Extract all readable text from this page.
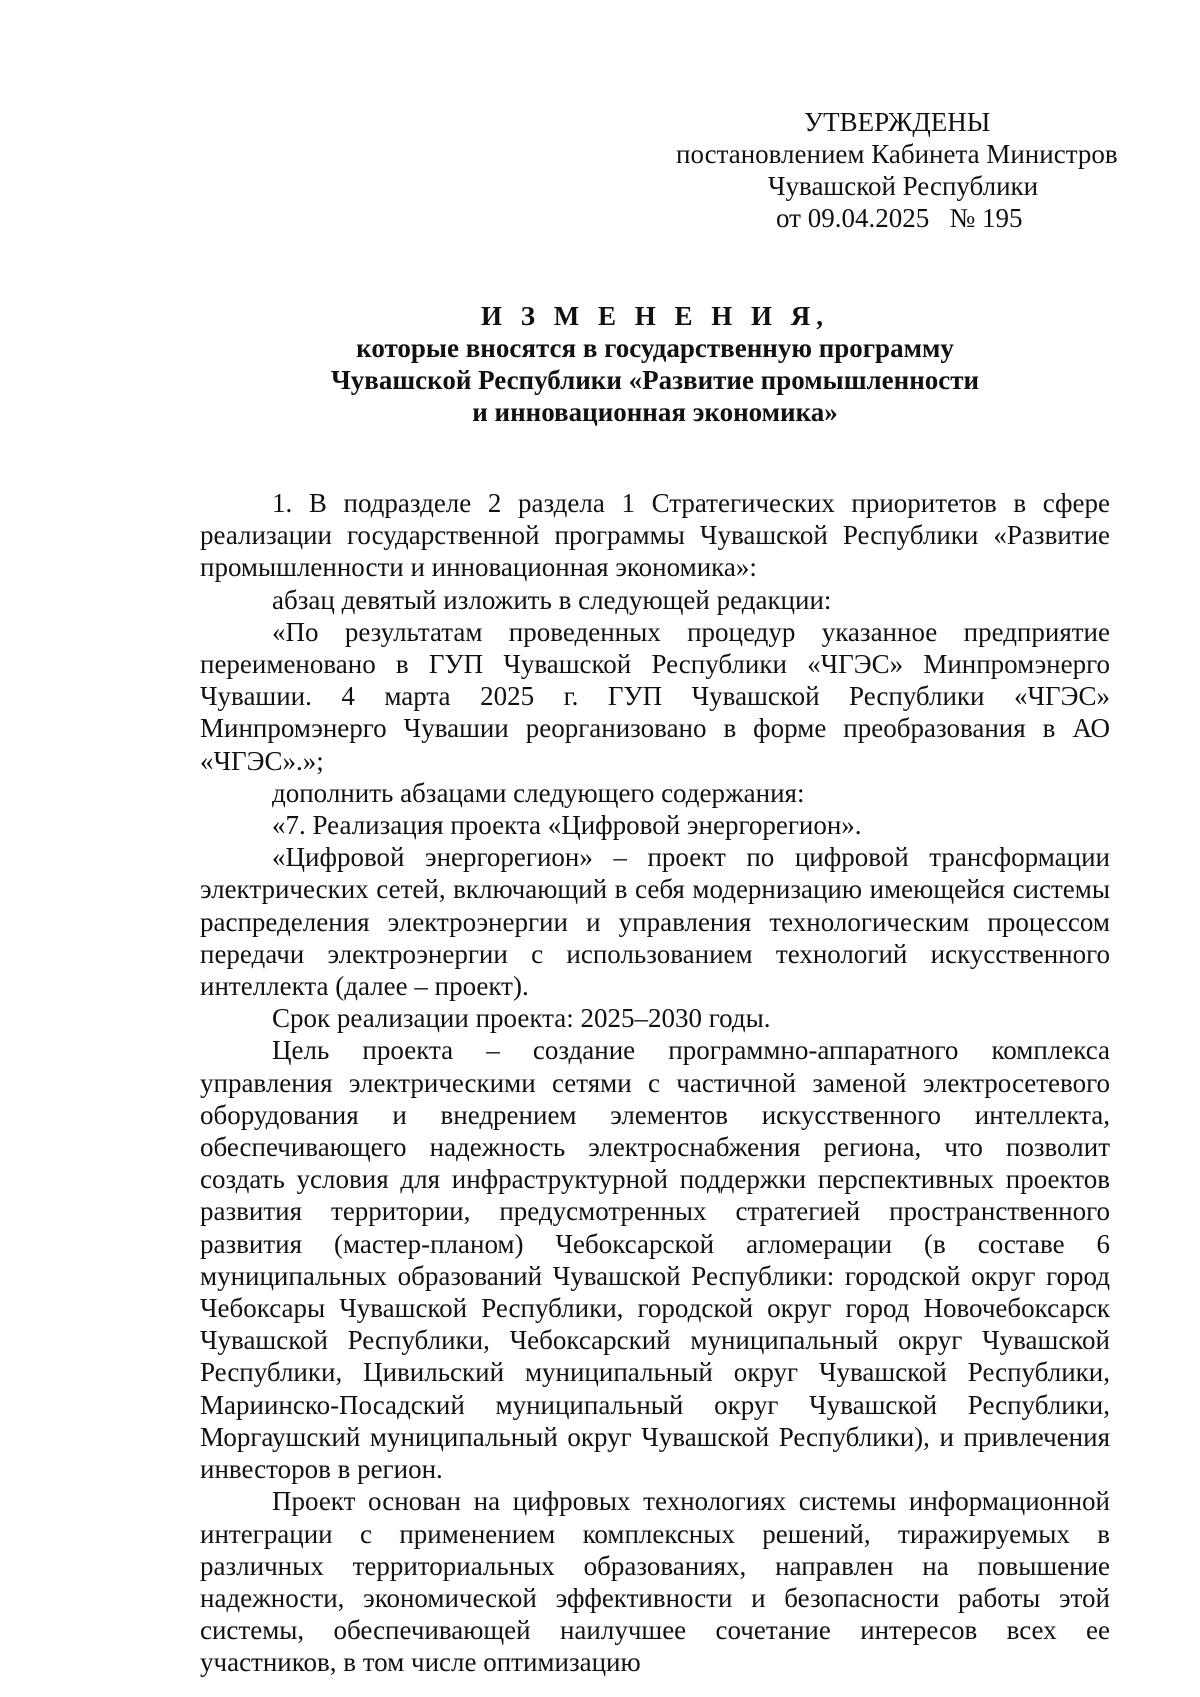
УТВЕРЖДЕНЫ
постановлением Кабинета Министров
Чувашской Республики
от 09.04.2025   № 195
И З М Е Н Е Н И Я,
которые вносятся в государственную программу
Чувашской Республики «Развитие промышленности
и инновационная экономика»

1. В подразделе 2 раздела 1 Стратегических приоритетов в сфере реализации государственной программы Чувашской Республики «Развитие промышленности и инновационная экономика»:

абзац девятый изложить в следующей редакции:

«По результатам проведенных процедур указанное предприятие переименовано в ГУП Чувашской Республики «ЧГЭС» Минпромэнерго Чувашии. 4 марта 2025 г. ГУП Чувашской Республики «ЧГЭС» Минпромэнерго Чувашии реорганизовано в форме преобразования в АО «ЧГЭС».»;

дополнить абзацами следующего содержания:

«7. Реализация проекта «Цифровой энергорегион».

«Цифровой энергорегион» – проект по цифровой трансформации электрических сетей, включающий в себя модернизацию имеющейся системы распределения электроэнергии и управления технологическим процессом передачи электроэнергии с использованием технологий искусственного интеллекта (далее – проект).

Срок реализации проекта: 2025–2030 годы.

Цель проекта – создание программно-аппаратного комплекса управления электрическими сетями с частичной заменой электросетевого оборудования и внедрением элементов искусственного интеллекта, обеспечивающего надежность электроснабжения региона, что позволит создать условия для инфраструктурной поддержки перспективных проектов развития территории, предусмотренных стратегией пространственного развития (мастер-планом) Чебоксарской агломерации (в составе 6 муниципальных образований Чувашской Республики: городской округ город Чебоксары Чувашской Республики, городской округ город Новочебоксарск Чувашской Республики, Чебоксарский муниципальный округ Чувашской Республики, Цивильский муниципальный округ Чувашской Республики, Мариинско-Посадский муниципальный округ Чувашской Республики, Моргаушский муниципальный округ Чувашской Республики), и привлечения инвесторов в регион.

Проект основан на цифровых технологиях системы информационной интеграции с применением комплексных решений, тиражируемых в различных территориальных образованиях, направлен на повышение надежности, экономической эффективности и безопасности работы этой системы, обеспечивающей наилучшее сочетание интересов всех ее участников, в том числе оптимизацию
